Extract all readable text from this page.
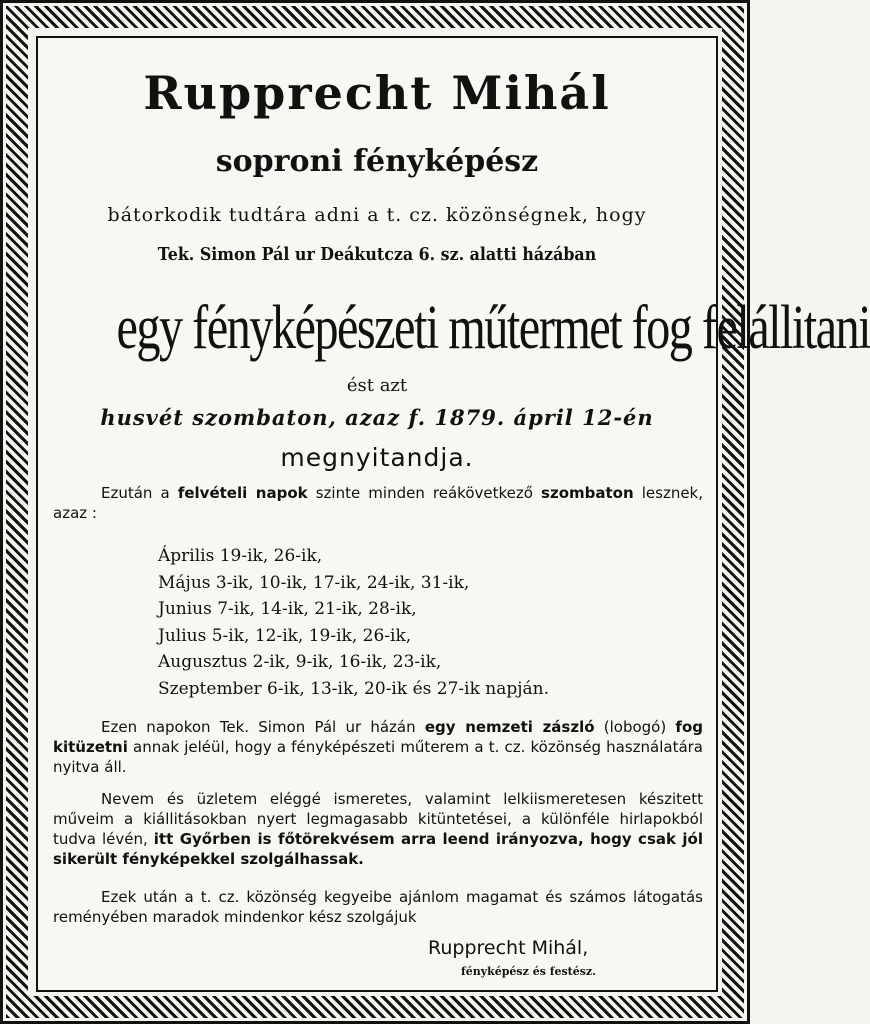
Rupprecht Mihál
soproni fényképész
bátorkodik tudtára adni a t. cz. közönségnek, hogy
Tek. Simon Pál ur Deákutcza 6. sz. alatti házában
egy fényképészeti műtermet fog felállitani
ést azt
husvét szombaton, azaz f. 1879. ápril 12-én
megnyitandja.
Ezután a felvételi napok szinte minden reákövetkező szombaton lesznek, azaz :
Április 19-ik, 26-ik,
Május 3-ik, 10-ik, 17-ik, 24-ik, 31-ik,
Junius 7-ik, 14-ik, 21-ik, 28-ik,
Julius 5-ik, 12-ik, 19-ik, 26-ik,
Augusztus 2-ik, 9-ik, 16-ik, 23-ik,
Szeptember 6-ik, 13-ik, 20-ik és 27-ik napján.
Ezen napokon Tek. Simon Pál ur házán egy nemzeti zászló (lobogó) fog kitüzetni annak jeléül, hogy a fényképészeti műterem a t. cz. közönség használatára nyitva áll.
Nevem és üzletem eléggé ismeretes, valamint lelkiismeretesen készitett műveim a kiállitásokban nyert legmagasabb kitüntetései, a különféle hirlapokból tudva lévén, itt Győrben is főtörekvésem arra leend irányozva, hogy csak jól sikerült fényképekkel szolgálhassak.
Ezek után a t. cz. közönség kegyeibe ajánlom magamat és számos látogatás reményében maradok mindenkor kész szolgájuk
Rupprecht Mihál,
fényképész és festész.
